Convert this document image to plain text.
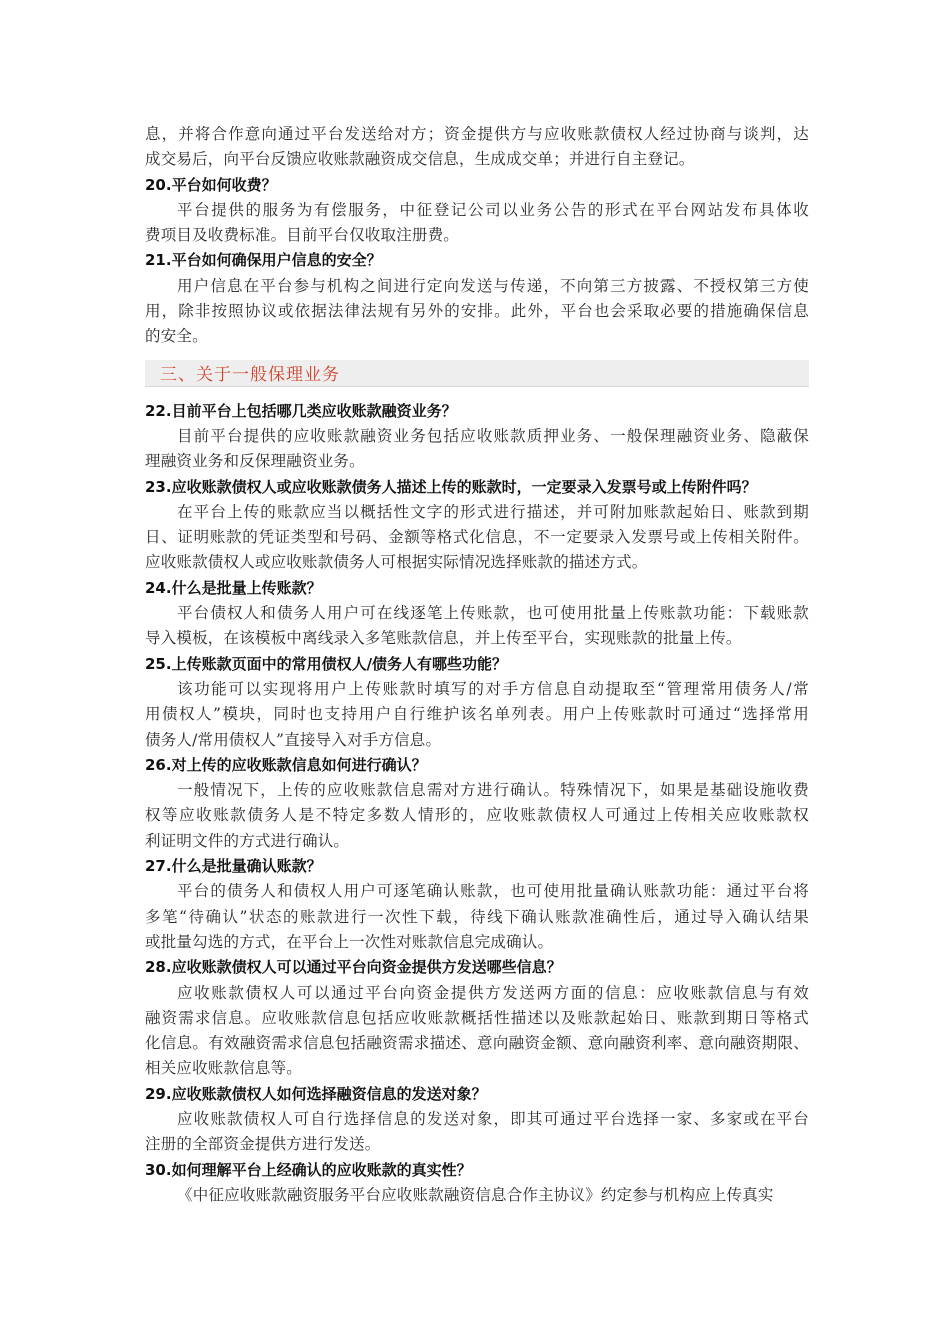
息，并将合作意向通过平台发送给对方；资金提供方与应收账款债权人经过协商与谈判，达
成交易后，向平台反馈应收账款融资成交信息，生成成交单；并进行自主登记。
20.平台如何收费？
平台提供的服务为有偿服务，中征登记公司以业务公告的形式在平台网站发布具体收
费项目及收费标准。目前平台仅收取注册费。
21.平台如何确保用户信息的安全？
用户信息在平台参与机构之间进行定向发送与传递，不向第三方披露、不授权第三方使
用，除非按照协议或依据法律法规有另外的安排。此外，平台也会采取必要的措施确保信息
的安全。
三、关于一般保理业务
22.目前平台上包括哪几类应收账款融资业务？
目前平台提供的应收账款融资业务包括应收账款质押业务、一般保理融资业务、隐蔽保
理融资业务和反保理融资业务。
23.应收账款债权人或应收账款债务人描述上传的账款时，一定要录入发票号或上传附件吗？
在平台上传的账款应当以概括性文字的形式进行描述，并可附加账款起始日、账款到期
日、证明账款的凭证类型和号码、金额等格式化信息，不一定要录入发票号或上传相关附件。
应收账款债权人或应收账款债务人可根据实际情况选择账款的描述方式。
24.什么是批量上传账款？
平台债权人和债务人用户可在线逐笔上传账款，也可使用批量上传账款功能：下载账款
导入模板，在该模板中离线录入多笔账款信息，并上传至平台，实现账款的批量上传。
25.上传账款页面中的常用债权人/债务人有哪些功能？
该功能可以实现将用户上传账款时填写的对手方信息自动提取至“管理常用债务人/常
用债权人”模块，同时也支持用户自行维护该名单列表。用户上传账款时可通过“选择常用
债务人/常用债权人”直接导入对手方信息。
26.对上传的应收账款信息如何进行确认？
一般情况下，上传的应收账款信息需对方进行确认。特殊情况下，如果是基础设施收费
权等应收账款债务人是不特定多数人情形的，应收账款债权人可通过上传相关应收账款权
利证明文件的方式进行确认。
27.什么是批量确认账款？
平台的债务人和债权人用户可逐笔确认账款，也可使用批量确认账款功能：通过平台将
多笔“待确认”状态的账款进行一次性下载，待线下确认账款准确性后，通过导入确认结果
或批量勾选的方式，在平台上一次性对账款信息完成确认。
28.应收账款债权人可以通过平台向资金提供方发送哪些信息？
应收账款债权人可以通过平台向资金提供方发送两方面的信息：应收账款信息与有效
融资需求信息。应收账款信息包括应收账款概括性描述以及账款起始日、账款到期日等格式
化信息。有效融资需求信息包括融资需求描述、意向融资金额、意向融资利率、意向融资期限、
相关应收账款信息等。
29.应收账款债权人如何选择融资信息的发送对象？
应收账款债权人可自行选择信息的发送对象，即其可通过平台选择一家、多家或在平台
注册的全部资金提供方进行发送。
30.如何理解平台上经确认的应收账款的真实性？
《中征应收账款融资服务平台应收账款融资信息合作主协议》约定参与机构应上传真实
